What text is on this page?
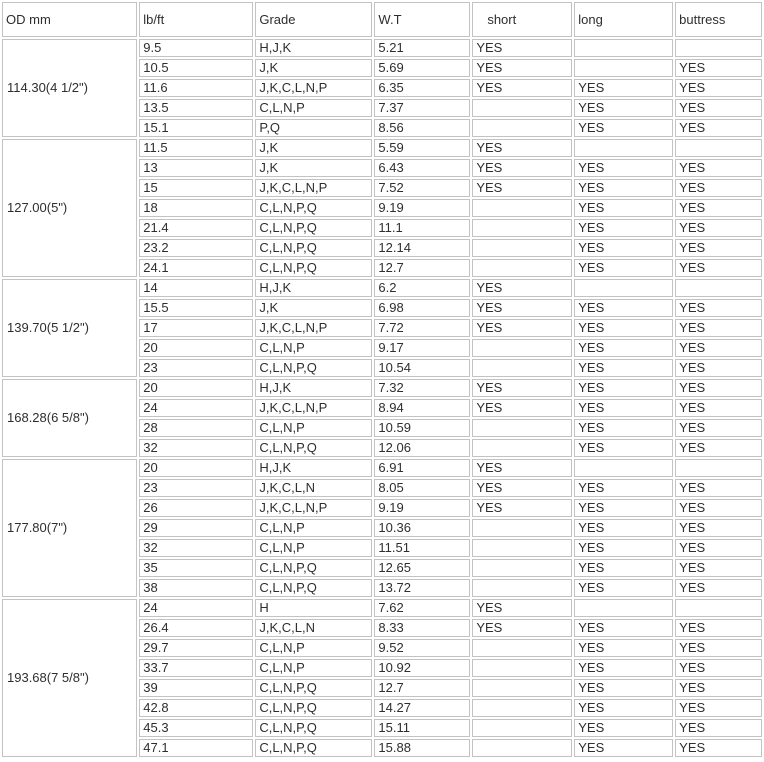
OD mm	lb/ft	Grade	W.T	short	long	buttress
114.30(4 1/2")	9.5	H,J,K	5.21	YES		
	10.5	J,K	5.69	YES		YES
	11.6	J,K,C,L,N,P	6.35	YES	YES	YES
	13.5	C,L,N,P	7.37		YES	YES
	15.1	P,Q	8.56		YES	YES
127.00(5")	11.5	J,K	5.59	YES		
	13	J,K	6.43	YES	YES	YES
	15	J,K,C,L,N,P	7.52	YES	YES	YES
	18	C,L,N,P,Q	9.19		YES	YES
	21.4	C,L,N,P,Q	11.1		YES	YES
	23.2	C,L,N,P,Q	12.14		YES	YES
	24.1	C,L,N,P,Q	12.7		YES	YES
139.70(5 1/2")	14	H,J,K	6.2	YES		
	15.5	J,K	6.98	YES	YES	YES
	17	J,K,C,L,N,P	7.72	YES	YES	YES
	20	C,L,N,P	9.17		YES	YES
	23	C,L,N,P,Q	10.54		YES	YES
168.28(6 5/8")	20	H,J,K	7.32	YES	YES	YES
	24	J,K,C,L,N,P	8.94	YES	YES	YES
	28	C,L,N,P	10.59		YES	YES
	32	C,L,N,P,Q	12.06		YES	YES
177.80(7")	20	H,J,K	6.91	YES		
	23	J,K,C,L,N	8.05	YES	YES	YES
	26	J,K,C,L,N,P	9.19	YES	YES	YES
	29	C,L,N,P	10.36		YES	YES
	32	C,L,N,P	11.51		YES	YES
	35	C,L,N,P,Q	12.65		YES	YES
	38	C,L,N,P,Q	13.72		YES	YES
193.68(7 5/8")	24	H	7.62	YES		
	26.4	J,K,C,L,N	8.33	YES	YES	YES
	29.7	C,L,N,P	9.52		YES	YES
	33.7	C,L,N,P	10.92		YES	YES
	39	C,L,N,P,Q	12.7		YES	YES
	42.8	C,L,N,P,Q	14.27		YES	YES
	45.3	C,L,N,P,Q	15.11		YES	YES
	47.1	C,L,N,P,Q	15.88		YES	YES
